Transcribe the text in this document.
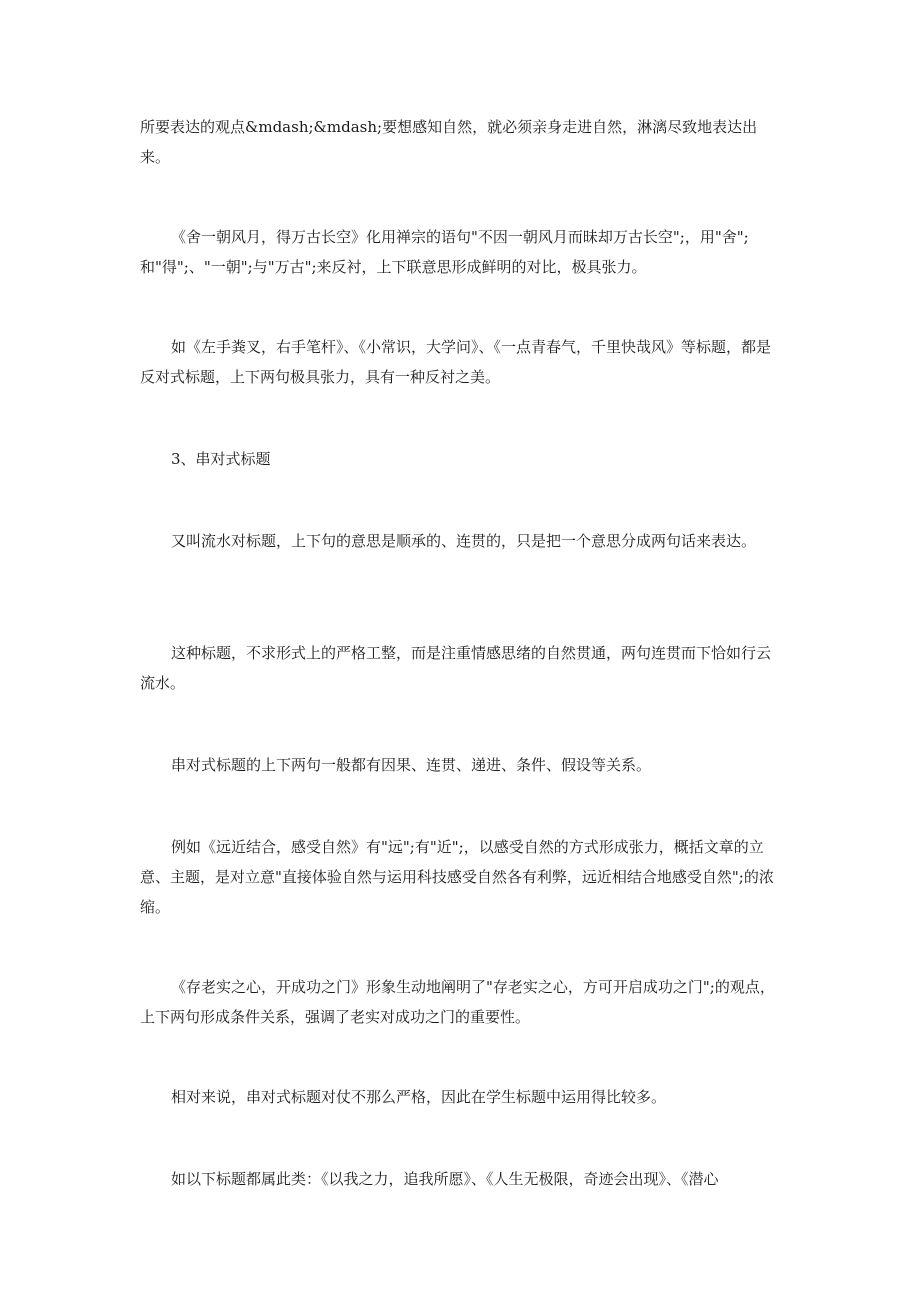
所要表达的观点&mdash;&mdash;要想感知自然，就必须亲身走进自然，淋漓尽致地表达出来。

《舍一朝风月，得万古长空》化用禅宗的语句"不因一朝风月而昧却万古长空";，用"舍";和"得";、"一朝";与"万古";来反衬，上下联意思形成鲜明的对比，极具张力。

如《左手粪叉，右手笔杆》、《小常识，大学问》、《一点青春气，千里快哉风》等标题，都是反对式标题，上下两句极具张力，具有一种反衬之美。

3、串对式标题

又叫流水对标题，上下句的意思是顺承的、连贯的，只是把一个意思分成两句话来表达。

这种标题，不求形式上的严格工整，而是注重情感思绪的自然贯通，两句连贯而下恰如行云流水。

串对式标题的上下两句一般都有因果、连贯、递进、条件、假设等关系。

例如《远近结合，感受自然》有"远";有"近";，以感受自然的方式形成张力，概括文章的立意、主题，是对立意"直接体验自然与运用科技感受自然各有利弊，远近相结合地感受自然";的浓缩。

《存老实之心，开成功之门》形象生动地阐明了"存老实之心，方可开启成功之门";的观点，上下两句形成条件关系，强调了老实对成功之门的重要性。

相对来说，串对式标题对仗不那么严格，因此在学生标题中运用得比较多。

如以下标题都属此类：《以我之力，追我所愿》、《人生无极限，奇迹会出现》、《潜心
